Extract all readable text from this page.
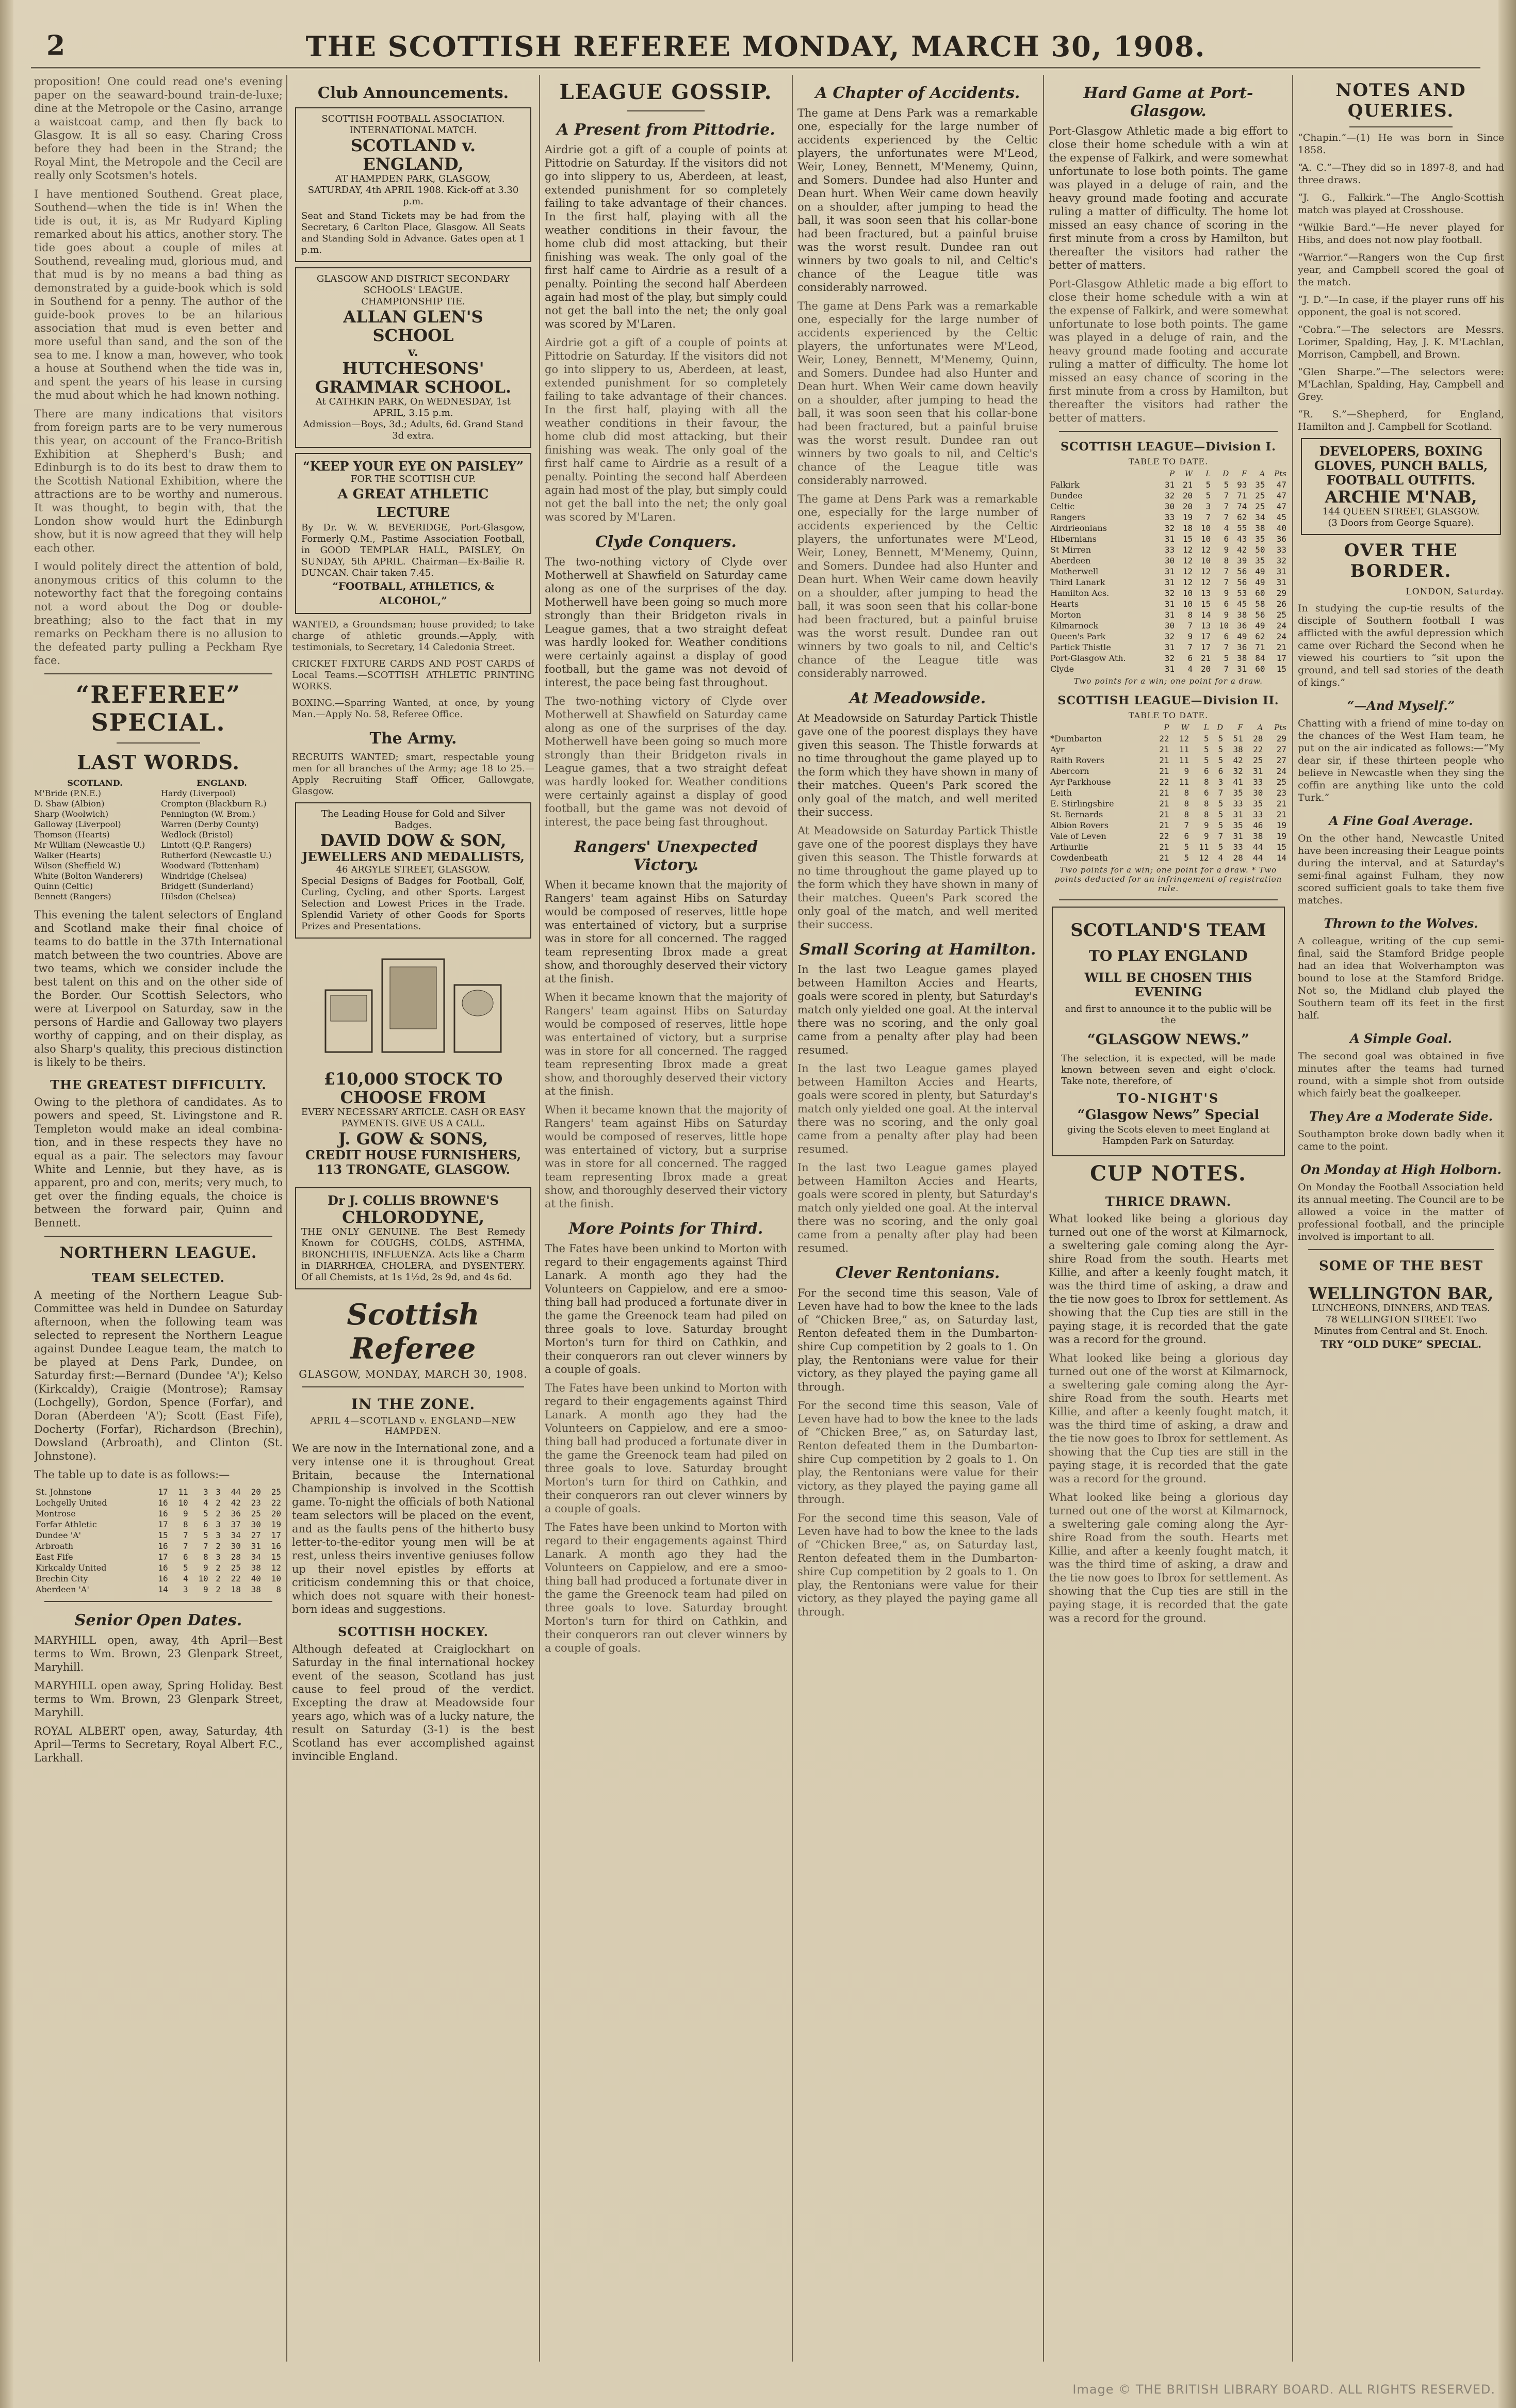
2	THE SCOTTISH REFEREE MONDAY, MARCH 30, 1908.

proposition! One could read one's evening paper on the seaward-bound train-de-luxe; dine at the Metropole or the Casino, arrange a waistcoat camp, and then fly back to Glasgow. It is all so easy. Charing Cross before they had been in the Strand; the Royal Mint, the Metropole and the Cecil are really only Scotsmen's hotels.

I have mentioned Southend. Great place, Southend—when the tide is in! When the tide is out, it is, as Mr Rudyard Kipling remarked about his attics, another story. The tide goes about a couple of miles at Southend, revealing mud, glorious mud, and that mud is by no means a bad thing as demonstrated by a guide-book which is sold in Southend for a penny. The author of the guide-book proves to be an hilarious association that mud is even better and more useful than sand, and the son of the sea to me. I know a man, however, who took a house at Southend when the tide was in, and spent the years of his lease in cursing the mud about which he had known nothing.

There are many indications that visitors from foreign parts are to be very numerous this year, on account of the Franco-British Exhibition at Shepherd's Bush; and Edinburgh is to do its best to draw them to the Scottish National Exhibition, where the attractions are to be worthy and numerous. It was thought, to begin with, that the London show would hurt the Edinburgh show, but it is now agreed that they will help each other.

I would politely direct the attention of bold, anonymous critics of this column to the noteworthy fact that the foregoing contains not a word about the Dog or double-breathing; also to the fact that in my remarks on Peckham there is no allusion to the defeated party pulling a Peckham Rye face.

“REFEREE” SPECIAL.
LAST WORDS.
SCOTLAND.
M'Bride (P.N.E.)
D. Shaw (Albion)
Sharp (Woolwich)
Galloway (Liverpool)
Thomson (Hearts)
Mr William (Newcastle U.)
Walker (Hearts)
Wilson (Sheffield W.)
White (Bolton Wanderers)
Quinn (Celtic)
Bennett (Rangers)
ENGLAND.
Hardy (Liverpool)
Crompton (Blackburn R.)
Pennington (W. Brom.)
Warren (Derby County)
Wedlock (Bristol)
Lintott (Q.P. Rangers)
Rutherford (Newcastle U.)
Woodward (Tottenham)
Windridge (Chelsea)
Bridgett (Sunderland)
Hilsdon (Chelsea)

This evening the talent selectors of England and Scotland make their final choice of teams to do battle in the 37th International match between the two countries. Above are two teams, which we consider include the best talent on this and on the other side of the Border. Our Scottish Selectors, who were at Liverpool on Saturday, saw in the persons of Hardie and Galloway two players worthy of capping, and on their display, as also Sharp's quality, this precious distinction is likely to be theirs.

THE GREATEST DIFFICULTY.

Owing to the plethora of candidates. As to powers and speed, St. Livingstone and R. Templeton would make an ideal combination, and in these respects they have no equal as a pair. The selectors may favour White and Lennie, but they have, as is apparent, pro and con, merits; very much, to get over the finding equals, the choice is between the forward pair, Quinn and Bennett.

NORTHERN LEAGUE.
TEAM SELECTED.

A meeting of the Northern League Sub-Committee was held in Dundee on Saturday afternoon, when the following team was selected to represent the Northern League against Dundee League team, the match to be played at Dens Park, Dundee, on Saturday first:—Bernard (Dundee 'A'); Kelso (Kirkcaldy), Craigie (Montrose); Ramsay (Lochgelly), Gordon, Spence (Forfar), and Doran (Aberdeen 'A'); Scott (East Fife), Docherty (Forfar), Richardson (Brechin), Dowsland (Arbroath), and Clinton (St. Johnstone).

The table up to date is as follows:—

St. Johnstone	17	11	3	3	44	20	25
Lochgelly United	16	10	4	2	42	23	22
Montrose	16	9	5	2	36	25	20
Forfar Athletic	17	8	6	3	37	30	19
Dundee 'A'	15	7	5	3	34	27	17
Arbroath	16	7	7	2	30	31	16
East Fife	17	6	8	3	28	34	15
Kirkcaldy United	16	5	9	2	25	38	12
Brechin City	16	4	10	2	22	40	10
Aberdeen 'A'	14	3	9	2	18	38	8
Senior Open Dates.

MARYHILL open, away, 4th April—Best terms to Wm. Brown, 23 Glenpark Street, Maryhill.

MARYHILL open away, Spring Holiday. Best terms to Wm. Brown, 23 Glenpark Street, Maryhill.

ROYAL ALBERT open, away, Saturday, 4th April—Terms to Secretary, Royal Albert F.C., Larkhall.

Club Announcements.
SCOTTISH FOOTBALL ASSOCIATION.
INTERNATIONAL MATCH.
SCOTLAND v. ENGLAND,
AT HAMPDEN PARK, GLASGOW,
SATURDAY, 4th APRIL 1908. Kick-off at 3.30 p.m.
Seat and Stand Tickets may be had from the Secretary, 6 Carlton Place, Glasgow. All Seats and Standing Sold in Advance. Gates open at 1 p.m.
GLASGOW AND DISTRICT SECONDARY SCHOOLS' LEAGUE.
CHAMPIONSHIP TIE.
ALLAN GLEN'S SCHOOL
v.
HUTCHESONS' GRAMMAR SCHOOL.
At CATHKIN PARK, On WEDNESDAY, 1st APRIL, 3.15 p.m.
Admission—Boys, 3d.; Adults, 6d. Grand Stand 3d extra.
“KEEP YOUR EYE ON PAISLEY”
FOR THE SCOTTISH CUP.
A GREAT ATHLETIC LECTURE
By Dr. W. W. BEVERIDGE, Port-Glasgow, Formerly Q.M., Pastime Association Football, in GOOD TEMPLAR HALL, PAISLEY, On SUNDAY, 5th APRIL. Chairman—Ex-Bailie R. DUNCAN. Chair taken 7.45.
“FOOTBALL, ATHLETICS, & ALCOHOL,”

WANTED, a Groundsman; house provided; to take charge of athletic grounds.—Apply, with testimonials, to Secretary, 14 Caledonia Street.

CRICKET FIXTURE CARDS AND POST CARDS of Local Teams.—SCOTTISH ATHLETIC PRINTING WORKS.

BOXING.—Sparring Wanted, at once, by young Man.—Apply No. 58, Referee Office.

The Army.

RECRUITS WANTED; smart, respectable young men for all branches of the Army; age 18 to 25.—Apply Recruiting Staff Officer, Gallowgate, Glasgow.

The Leading House for Gold and Silver Badges.
DAVID DOW & SON,
JEWELLERS AND MEDALLISTS,
46 ARGYLE STREET, GLASGOW.
Special Designs of Badges for Football, Golf, Curling, Cycling, and other Sports. Largest Selection and Lowest Prices in the Trade. Splendid Variety of other Goods for Sports Prizes and Presentations.
£10,000 STOCK TO CHOOSE FROM
EVERY NECESSARY ARTICLE. CASH OR EASY PAYMENTS. GIVE US A CALL.
J. GOW & SONS,
CREDIT HOUSE FURNISHERS,
113 TRONGATE, GLASGOW.
Dr J. COLLIS BROWNE'S
CHLORODYNE,
THE ONLY GENUINE. The Best Remedy Known for COUGHS, COLDS, ASTHMA, BRONCHITIS, INFLUENZA. Acts like a Charm in DIARRHŒA, CHOLERA, and DYSENTERY. Of all Chemists, at 1s 1½d, 2s 9d, and 4s 6d.
Scottish Referee
GLASGOW, MONDAY, MARCH 30, 1908.
IN THE ZONE.
APRIL 4—SCOTLAND v. ENGLAND—NEW HAMPDEN.

We are now in the International zone, and a very intense one it is throughout Great Britain, because the International Championship is involved in the Scottish game. To-night the officials of both National team selectors will be placed on the event, and as the faults pens of the hitherto busy letter-to-the-editor young men will be at rest, unless theirs inventive geniuses follow up their novel epistles by efforts at criticism condemning this or that choice, which does not square with their honest-born ideas and suggestions.

SCOTTISH HOCKEY.

Although defeated at Craiglockhart on Saturday in the final international hockey event of the season, Scotland has just cause to feel proud of the verdict. Excepting the draw at Meadowside four years ago, which was of a lucky nature, the result on Saturday (3-1) is the best Scotland has ever accomplished against invincible England.

LEAGUE GOSSIP.
A Present from Pittodrie.

Airdrie got a gift of a couple of points at Pittodrie on Saturday. If the visitors did not go into slippery to us, Aberdeen, at least, extended punishment for so completely failing to take advantage of their chances. In the first half, playing with all the weather conditions in their favour, the home club did most attacking, but their finishing was weak. The only goal of the first half came to Airdrie as a result of a penalty. Pointing the second half Aberdeen again had most of the play, but simply could not get the ball into the net; the only goal was scored by M'Laren.

Airdrie got a gift of a couple of points at Pittodrie on Saturday. If the visitors did not go into slippery to us, Aberdeen, at least, extended punishment for so completely failing to take advantage of their chances. In the first half, playing with all the weather conditions in their favour, the home club did most attacking, but their finishing was weak. The only goal of the first half came to Airdrie as a result of a penalty. Pointing the second half Aberdeen again had most of the play, but simply could not get the ball into the net; the only goal was scored by M'Laren.

Clyde Conquers.

The two-nothing victory of Clyde over Motherwell at Shawfield on Saturday came along as one of the surprises of the day. Motherwell have been going so much more strongly than their Bridgeton rivals in League games, that a two straight defeat was hardly looked for. Weather conditions were certainly against a display of good football, but the game was not devoid of interest, the pace being fast throughout.

The two-nothing victory of Clyde over Motherwell at Shawfield on Saturday came along as one of the surprises of the day. Motherwell have been going so much more strongly than their Bridgeton rivals in League games, that a two straight defeat was hardly looked for. Weather conditions were certainly against a display of good football, but the game was not devoid of interest, the pace being fast throughout.

Rangers' Unexpected Victory.

When it became known that the majority of Rangers' team against Hibs on Saturday would be composed of reserves, little hope was entertained of victory, but a surprise was in store for all concerned. The ragged team representing Ibrox made a great show, and thoroughly deserved their victory at the finish.

When it became known that the majority of Rangers' team against Hibs on Saturday would be composed of reserves, little hope was entertained of victory, but a surprise was in store for all concerned. The ragged team representing Ibrox made a great show, and thoroughly deserved their victory at the finish.

When it became known that the majority of Rangers' team against Hibs on Saturday would be composed of reserves, little hope was entertained of victory, but a surprise was in store for all concerned. The ragged team representing Ibrox made a great show, and thoroughly deserved their victory at the finish.

More Points for Third.

The Fates have been unkind to Morton with regard to their engagements against Third Lanark. A month ago they had the Volunteers on Cappielow, and ere a smoothing ball had produced a fortunate diver in the game the Greenock team had piled on three goals to love. Saturday brought Morton's turn for third on Cathkin, and their conquerors ran out clever winners by a couple of goals.

The Fates have been unkind to Morton with regard to their engagements against Third Lanark. A month ago they had the Volunteers on Cappielow, and ere a smoothing ball had produced a fortunate diver in the game the Greenock team had piled on three goals to love. Saturday brought Morton's turn for third on Cathkin, and their conquerors ran out clever winners by a couple of goals.

The Fates have been unkind to Morton with regard to their engagements against Third Lanark. A month ago they had the Volunteers on Cappielow, and ere a smoothing ball had produced a fortunate diver in the game the Greenock team had piled on three goals to love. Saturday brought Morton's turn for third on Cathkin, and their conquerors ran out clever winners by a couple of goals.

A Chapter of Accidents.

The game at Dens Park was a remarkable one, especially for the large number of accidents experienced by the Celtic players, the unfortunates were M'Leod, Weir, Loney, Bennett, M'Menemy, Quinn, and Somers. Dundee had also Hunter and Dean hurt. When Weir came down heavily on a shoulder, after jumping to head the ball, it was soon seen that his collar-bone had been fractured, but a painful bruise was the worst result. Dundee ran out winners by two goals to nil, and Celtic's chance of the League title was considerably narrowed.

The game at Dens Park was a remarkable one, especially for the large number of accidents experienced by the Celtic players, the unfortunates were M'Leod, Weir, Loney, Bennett, M'Menemy, Quinn, and Somers. Dundee had also Hunter and Dean hurt. When Weir came down heavily on a shoulder, after jumping to head the ball, it was soon seen that his collar-bone had been fractured, but a painful bruise was the worst result. Dundee ran out winners by two goals to nil, and Celtic's chance of the League title was considerably narrowed.

The game at Dens Park was a remarkable one, especially for the large number of accidents experienced by the Celtic players, the unfortunates were M'Leod, Weir, Loney, Bennett, M'Menemy, Quinn, and Somers. Dundee had also Hunter and Dean hurt. When Weir came down heavily on a shoulder, after jumping to head the ball, it was soon seen that his collar-bone had been fractured, but a painful bruise was the worst result. Dundee ran out winners by two goals to nil, and Celtic's chance of the League title was considerably narrowed.

At Meadowside.

At Meadowside on Saturday Partick Thistle gave one of the poorest displays they have given this season. The Thistle forwards at no time throughout the game played up to the form which they have shown in many of their matches. Queen's Park scored the only goal of the match, and well merited their success.

At Meadowside on Saturday Partick Thistle gave one of the poorest displays they have given this season. The Thistle forwards at no time throughout the game played up to the form which they have shown in many of their matches. Queen's Park scored the only goal of the match, and well merited their success.

Small Scoring at Hamilton.

In the last two League games played between Hamilton Accies and Hearts, goals were scored in plenty, but Saturday's match only yielded one goal. At the interval there was no scoring, and the only goal came from a penalty after play had been resumed.

In the last two League games played between Hamilton Accies and Hearts, goals were scored in plenty, but Saturday's match only yielded one goal. At the interval there was no scoring, and the only goal came from a penalty after play had been resumed.

In the last two League games played between Hamilton Accies and Hearts, goals were scored in plenty, but Saturday's match only yielded one goal. At the interval there was no scoring, and the only goal came from a penalty after play had been resumed.

Clever Rentonians.

For the second time this season, Vale of Leven have had to bow the knee to the lads of “Chicken Bree,” as, on Saturday last, Renton defeated them in the Dumbartonshire Cup competition by 2 goals to 1. On play, the Rentonians were value for their victory, as they played the paying game all through.

For the second time this season, Vale of Leven have had to bow the knee to the lads of “Chicken Bree,” as, on Saturday last, Renton defeated them in the Dumbartonshire Cup competition by 2 goals to 1. On play, the Rentonians were value for their victory, as they played the paying game all through.

For the second time this season, Vale of Leven have had to bow the knee to the lads of “Chicken Bree,” as, on Saturday last, Renton defeated them in the Dumbartonshire Cup competition by 2 goals to 1. On play, the Rentonians were value for their victory, as they played the paying game all through.

Hard Game at Port-Glasgow.

Port-Glasgow Athletic made a big effort to close their home schedule with a win at the expense of Falkirk, and were somewhat unfortunate to lose both points. The game was played in a deluge of rain, and the heavy ground made footing and accurate ruling a matter of difficulty. The home lot missed an easy chance of scoring in the first minute from a cross by Hamilton, but thereafter the visitors had rather the better of matters.

Port-Glasgow Athletic made a big effort to close their home schedule with a win at the expense of Falkirk, and were somewhat unfortunate to lose both points. The game was played in a deluge of rain, and the heavy ground made footing and accurate ruling a matter of difficulty. The home lot missed an easy chance of scoring in the first minute from a cross by Hamilton, but thereafter the visitors had rather the better of matters.

SCOTTISH LEAGUE—Division I.
TABLE TO DATE.
	P	W	L	D	F	A	Pts
Falkirk	31	21	5	5	93	35	47
Dundee	32	20	5	7	71	25	47
Celtic	30	20	3	7	74	25	47
Rangers	33	19	7	7	62	34	45
Airdrieonians	32	18	10	4	55	38	40
Hibernians	31	15	10	6	43	35	36
St Mirren	33	12	12	9	42	50	33
Aberdeen	30	12	10	8	39	35	32
Motherwell	31	12	12	7	56	49	31
Third Lanark	31	12	12	7	56	49	31
Hamilton Acs.	32	10	13	9	53	60	29
Hearts	31	10	15	6	45	58	26
Morton	31	8	14	9	38	56	25
Kilmarnock	30	7	13	10	36	49	24
Queen's Park	32	9	17	6	49	62	24
Partick Thistle	31	7	17	7	36	71	21
Port-Glasgow Ath.	32	6	21	5	38	84	17
Clyde	31	4	20	7	31	60	15
Two points for a win; one point for a draw.
SCOTTISH LEAGUE—Division II.
TABLE TO DATE.
	P	W	L	D	F	A	Pts
*Dumbarton	22	12	5	5	51	28	29
Ayr	21	11	5	5	38	22	27
Raith Rovers	21	11	5	5	42	25	27
Abercorn	21	9	6	6	32	31	24
Ayr Parkhouse	22	11	8	3	41	33	25
Leith	21	8	6	7	35	30	23
E. Stirlingshire	21	8	8	5	33	35	21
St. Bernards	21	8	8	5	31	33	21
Albion Rovers	21	7	9	5	35	46	19
Vale of Leven	22	6	9	7	31	38	19
Arthurlie	21	5	11	5	33	44	15
Cowdenbeath	21	5	12	4	28	44	14
Two points for a win; one point for a draw. * Two points deducted for an infringement of registration rule.
SCOTLAND'S TEAM
TO PLAY ENGLAND
WILL BE CHOSEN THIS EVENING
and first to announce it to the public will be the
“GLASGOW NEWS.”
The selection, it is expected, will be made known between seven and eight o'clock. Take note, therefore, of
TO-NIGHT'S
“Glasgow News” Special
giving the Scots eleven to meet England at Hampden Park on Saturday.
CUP NOTES.
THRICE DRAWN.

What looked like being a glorious day turned out one of the worst at Kilmarnock, a sweltering gale coming along the Ayrshire Road from the south. Hearts met Killie, and after a keenly fought match, it was the third time of asking, a draw and the tie now goes to Ibrox for settlement. As showing that the Cup ties are still in the paying stage, it is recorded that the gate was a record for the ground.

What looked like being a glorious day turned out one of the worst at Kilmarnock, a sweltering gale coming along the Ayrshire Road from the south. Hearts met Killie, and after a keenly fought match, it was the third time of asking, a draw and the tie now goes to Ibrox for settlement. As showing that the Cup ties are still in the paying stage, it is recorded that the gate was a record for the ground.

What looked like being a glorious day turned out one of the worst at Kilmarnock, a sweltering gale coming along the Ayrshire Road from the south. Hearts met Killie, and after a keenly fought match, it was the third time of asking, a draw and the tie now goes to Ibrox for settlement. As showing that the Cup ties are still in the paying stage, it is recorded that the gate was a record for the ground.

NOTES AND QUERIES.

“Chapin.”—(1) He was born in Since 1858.

“A. C.”—They did so in 1897-8, and had three draws.

“J. G., Falkirk.”—The Anglo-Scottish match was played at Crosshouse.

“Wilkie Bard.”—He never played for Hibs, and does not now play football.

“Warrior.”—Rangers won the Cup first year, and Campbell scored the goal of the match.

“J. D.”—In case, if the player runs off his opponent, the goal is not scored.

“Cobra.”—The selectors are Messrs. Lorimer, Spalding, Hay, J. K. M'Lachlan, Morrison, Campbell, and Brown.

“Glen Sharpe.”—The selectors were: M'Lachlan, Spalding, Hay, Campbell and Grey.

“R. S.”—Shepherd, for England, Hamilton and J. Campbell for Scotland.

DEVELOPERS, BOXING
GLOVES, PUNCH BALLS,
FOOTBALL OUTFITS.
ARCHIE M'NAB,
144 QUEEN STREET, GLASGOW.
(3 Doors from George Square).
OVER THE BORDER.
LONDON, Saturday.

In studying the cup-tie results of the disciple of Southern football I was afflicted with the awful depression which came over Richard the Second when he viewed his courtiers to “sit upon the ground, and tell sad stories of the death of kings.”

“—And Myself.”

Chatting with a friend of mine to-day on the chances of the West Ham team, he put on the air indicated as follows:—“My dear sir, if these thirteen people who believe in Newcastle when they sing the coffin are anything like unto the cold Turk.”

A Fine Goal Average.

On the other hand, Newcastle United have been increasing their League points during the interval, and at Saturday's semi-final against Fulham, they now scored sufficient goals to take them five matches.

Thrown to the Wolves.

A colleague, writing of the cup semi-final, said the Stamford Bridge people had an idea that Wolverhampton was bound to lose at the Stamford Bridge. Not so, the Midland club played the Southern team off its feet in the first half.

A Simple Goal.

The second goal was obtained in five minutes after the teams had turned round, with a simple shot from outside which fairly beat the goalkeeper.

They Are a Moderate Side.

Southampton broke down badly when it came to the point.

On Monday at High Holborn.

On Monday the Football Association held its annual meeting. The Council are to be allowed a voice in the matter of professional football, and the principle involved is important to all.

SOME OF THE BEST
WELLINGTON BAR,
LUNCHEONS, DINNERS, AND TEAS. 78 WELLINGTON STREET. Two Minutes from Central and St. Enoch.
TRY “OLD DUKE” SPECIAL.
Image © THE BRITISH LIBRARY BOARD. ALL RIGHTS RESERVED.
